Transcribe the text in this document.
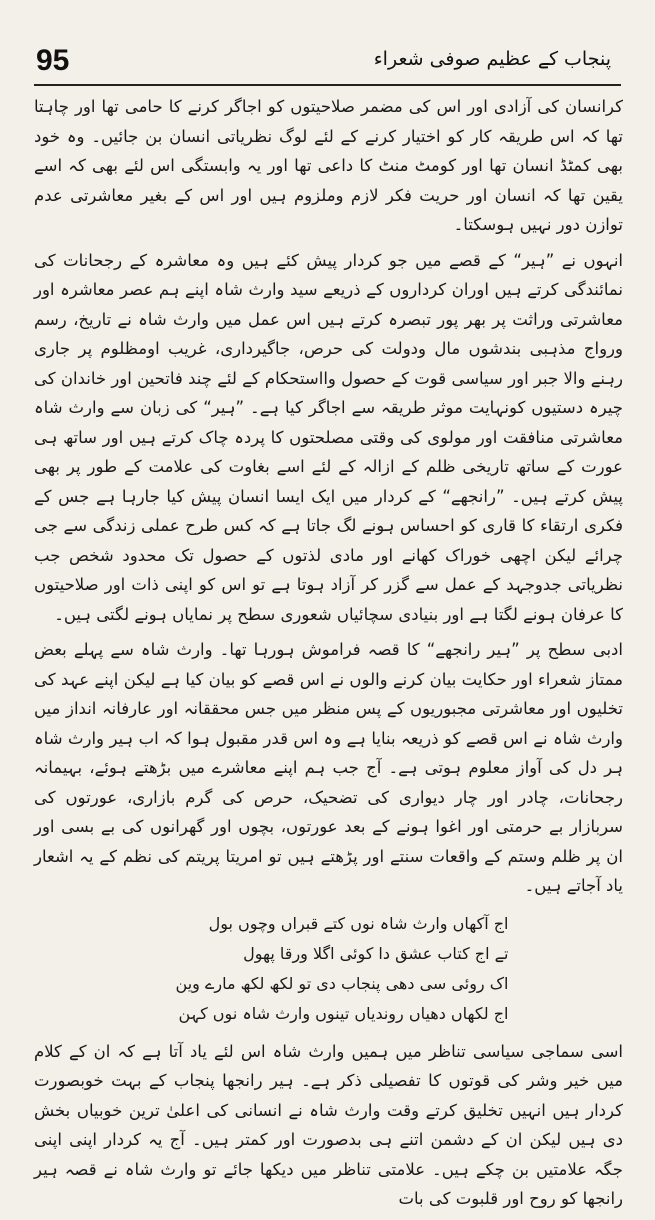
95	پنجاب کے عظیم صوفی شعراء

کرانسان کی آزادی اور اس کی مضمر صلاحیتوں کو اجاگر کرنے کا حامی تھا اور چاہتا تھا کہ اس طریقہ کار کو اختیار کرنے کے لئے لوگ نظریاتی انسان بن جائیں۔ وہ خود بھی کمٹڈ انسان تھا اور کومٹ منٹ کا داعی تھا اور یہ وابستگی اس لئے بھی کہ اسے یقین تھا کہ انسان اور حریت فکر لازم وملزوم ہیں اور اس کے بغیر معاشرتی عدم توازن دور نہیں ہوسکتا۔

انہوں نے ”ہیر“ کے قصے میں جو کردار پیش کئے ہیں وہ معاشرہ کے رجحانات کی نمائندگی کرتے ہیں اوران کرداروں کے ذریعے سید وارث شاہ اپنے ہم عصر معاشرہ اور معاشرتی وراثت پر بھر پور تبصرہ کرتے ہیں اس عمل میں وارث شاہ نے تاریخ، رسم ورواج مذہبی بندشوں مال ودولت کی حرص، جاگیرداری، غریب اومظلوم پر جاری رہنے والا جبر اور سیاسی قوت کے حصول وااستحکام کے لئے چند فاتحین اور خاندان کی چیرہ دستیوں کونہایت موثر طریقہ سے اجاگر کیا ہے۔ ”ہیر“ کی زبان سے وارث شاہ معاشرتی منافقت اور مولوی کی وقتی مصلحتوں کا پردہ چاک کرتے ہیں اور ساتھ ہی عورت کے ساتھ تاریخی ظلم کے ازالہ کے لئے اسے بغاوت کی علامت کے طور پر بھی پیش کرتے ہیں۔ ”رانجھے“ کے کردار میں ایک ایسا انسان پیش کیا جارہا ہے جس کے فکری ارتقاء کا قاری کو احساس ہونے لگ جاتا ہے کہ کس طرح عملی زندگی سے جی چرائے لیکن اچھی خوراک کھانے اور مادی لذتوں کے حصول تک محدود شخص جب نظریاتی جدوجہد کے عمل سے گزر کر آزاد ہوتا ہے تو اس کو اپنی ذات اور صلاحیتوں کا عرفان ہونے لگتا ہے اور بنیادی سچائیاں شعوری سطح پر نمایاں ہونے لگتی ہیں۔

ادبی سطح پر ”ہیر رانجھے“ کا قصہ فراموش ہورہا تھا۔ وارث شاہ سے پہلے بعض ممتاز شعراء اور حکایت بیان کرنے والوں نے اس قصے کو بیان کیا ہے لیکن اپنے عہد کی تخلیوں اور معاشرتی مجبوریوں کے پس منظر میں جس محققانہ اور عارفانہ انداز میں وارث شاہ نے اس قصے کو ذریعہ بنایا ہے وہ اس قدر مقبول ہوا کہ اب ہیر وارث شاہ ہر دل کی آواز معلوم ہوتی ہے۔ آج جب ہم اپنے معاشرے میں بڑھتے ہوئے، بہیمانہ رجحانات، چادر اور چار دیواری کی تضحیک، حرص کی گرم بازاری، عورتوں کی سربازار بے حرمتی اور اغوا ہونے کے بعد عورتوں، بچوں اور گھرانوں کی بے بسی اور ان پر ظلم وستم کے واقعات سنتے اور پڑھتے ہیں تو امریتا پریتم کی نظم کے یہ اشعار یاد آجاتے ہیں۔

اج آکھاں وارث شاہ نوں کتے قبراں وچوں بول
تے اج کتاب عشق دا کوئی اگلا ورقا پھول
اک روئی سی دھی پنجاب دی تو لکھ لکھ مارے وین
اج لکھاں دھیاں روندیاں تینوں وارث شاہ نوں کہن

اسی سماجی سیاسی تناظر میں ہمیں وارث شاہ اس لئے یاد آتا ہے کہ ان کے کلام میں خیر وشر کی قوتوں کا تفصیلی ذکر ہے۔ ہیر رانجھا پنجاب کے بہت خوبصورت کردار ہیں انہیں تخلیق کرتے وقت وارث شاہ نے انسانی کی اعلیٰ ترین خوبیاں بخش دی ہیں لیکن ان کے دشمن اتنے ہی بدصورت اور کمتر ہیں۔ آج یہ کردار اپنی اپنی جگہ علامتیں بن چکے ہیں۔ علامتی تناظر میں دیکھا جائے تو وارث شاہ نے قصہ ہیر رانجھا کو روح اور قلبوت کی بات
